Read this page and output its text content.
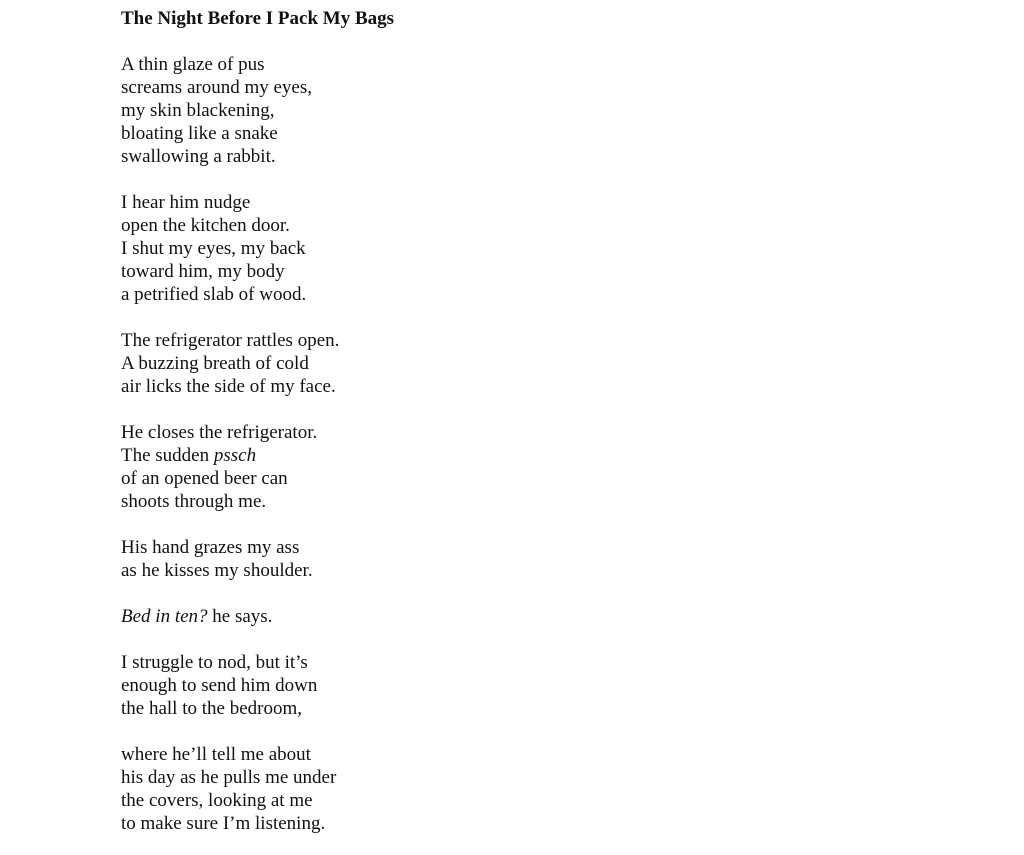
The Night Before I Pack My Bags
A thin glaze of pus
screams around my eyes,
my skin blackening,
bloating like a snake
swallowing a rabbit.
I hear him nudge
open the kitchen door.
I shut my eyes, my back
toward him, my body
a petrified slab of wood.
The refrigerator rattles open.
A buzzing breath of cold
air licks the side of my face.
He closes the refrigerator.
The sudden pssch
of an opened beer can
shoots through me.
His hand grazes my ass
as he kisses my shoulder.
Bed in ten? he says.
I struggle to nod, but it’s
enough to send him down
the hall to the bedroom,
where he’ll tell me about
his day as he pulls me under
the covers, looking at me
to make sure I’m listening.
